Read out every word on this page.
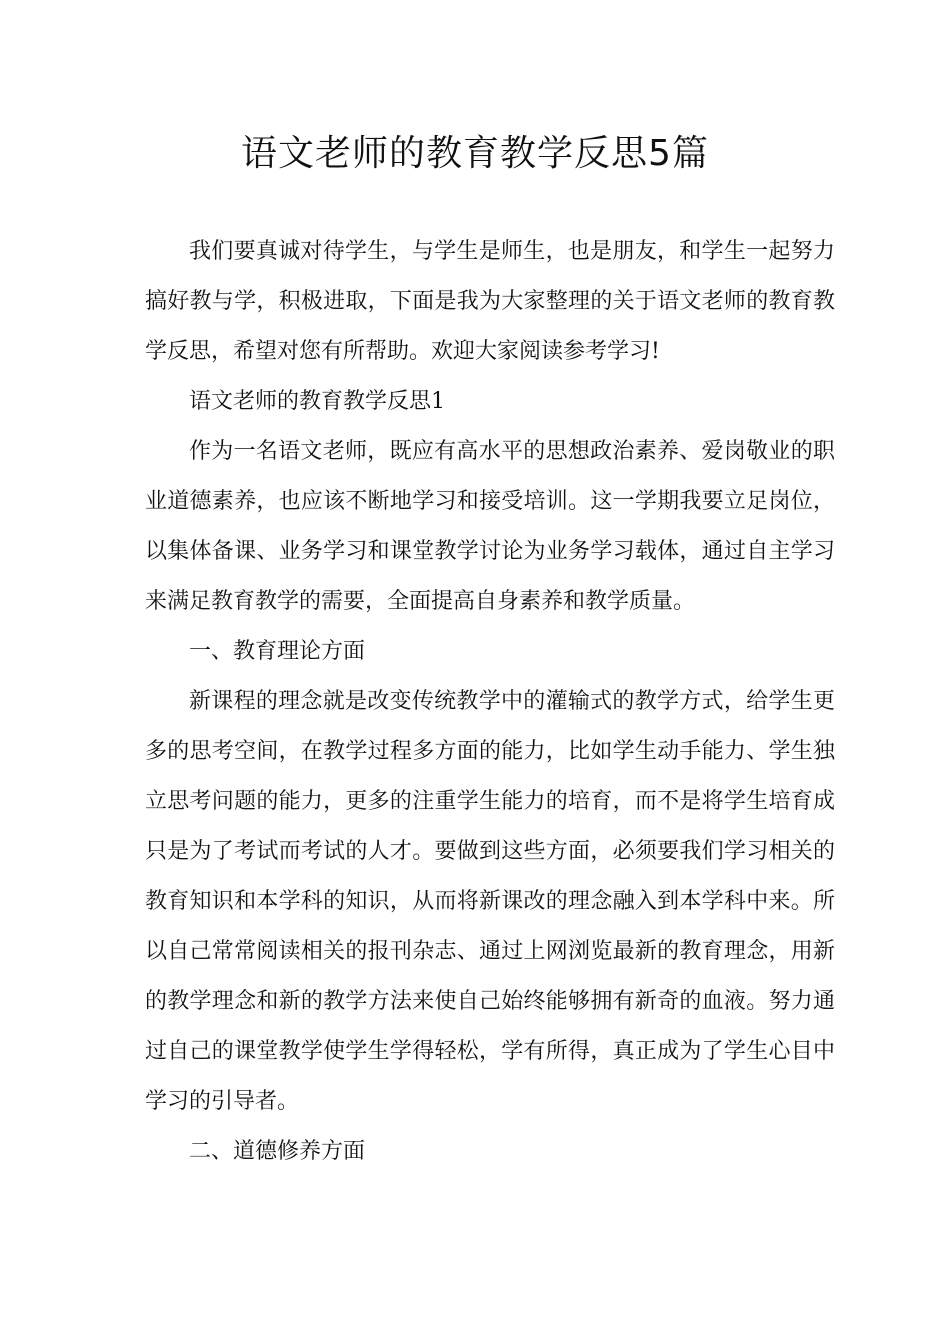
语文老师的教育教学反思5篇

我们要真诚对待学生，与学生是师生，也是朋友，和学生一起努力搞好教与学，积极进取，下面是我为大家整理的关于语文老师的教育教学反思，希望对您有所帮助。欢迎大家阅读参考学习!

语文老师的教育教学反思1

作为一名语文老师，既应有高水平的思想政治素养、爱岗敬业的职业道德素养，也应该不断地学习和接受培训。这一学期我要立足岗位，以集体备课、业务学习和课堂教学讨论为业务学习载体，通过自主学习来满足教育教学的需要，全面提高自身素养和教学质量。

一、教育理论方面

新课程的理念就是改变传统教学中的灌输式的教学方式，给学生更多的思考空间，在教学过程多方面的能力，比如学生动手能力、学生独立思考问题的能力，更多的注重学生能力的培育，而不是将学生培育成只是为了考试而考试的人才。要做到这些方面，必须要我们学习相关的教育知识和本学科的知识，从而将新课改的理念融入到本学科中来。所以自己常常阅读相关的报刊杂志、通过上网浏览最新的教育理念，用新的教学理念和新的教学方法来使自己始终能够拥有新奇的血液。努力通过自己的课堂教学使学生学得轻松，学有所得，真正成为了学生心目中学习的引导者。

二、道德修养方面
